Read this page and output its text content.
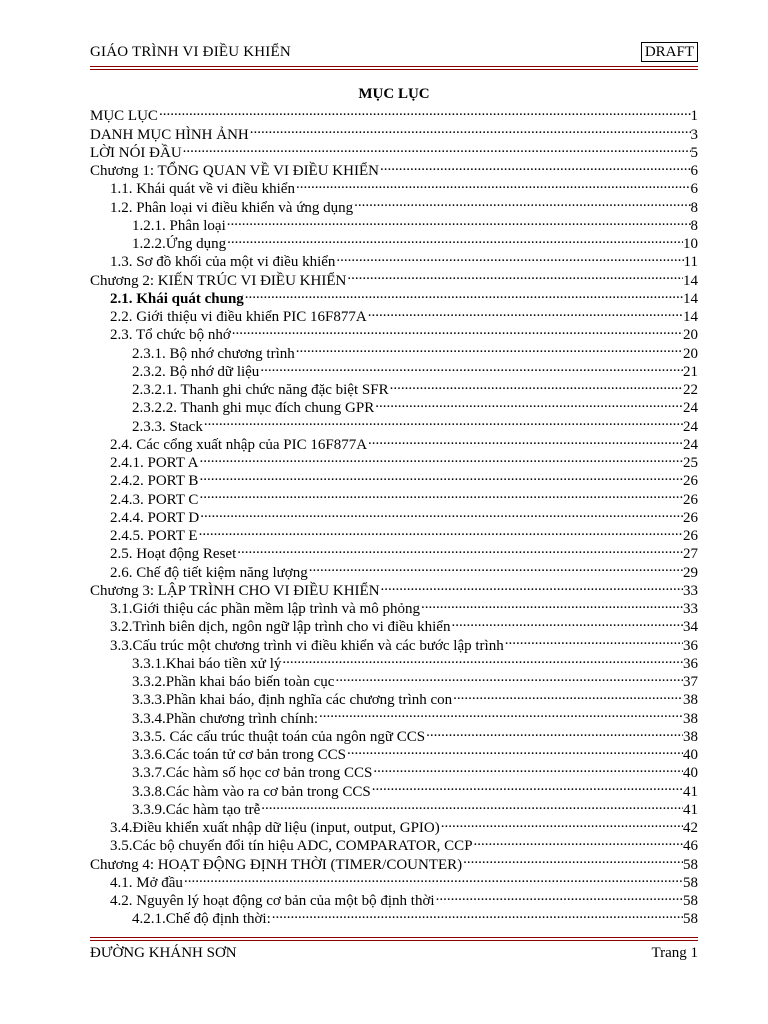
GIÁO TRÌNH VI ĐIỀU KHIỂN	DRAFT
MỤC LỤC
MỤC LỤC .....	1
DANH MỤC HÌNH ẢNH .....	3
LỜI NÓI ĐẦU .....	5
Chương 1: TỔNG QUAN VỀ VI ĐIỀU KHIỂN .....	6
1.1. Khái quát về vi điều khiển .....	6
1.2. Phân loại vi điều khiển và ứng dụng .....	8
1.2.1. Phân loại .....	8
1.2.2.Ứng dụng .....	10
1.3. Sơ đồ khối của một vi điều khiển .....	11
Chương 2: KIẾN TRÚC VI ĐIỀU KHIỂN .....	14
2.1. Khái quát chung .....	14
2.2. Giới thiệu vi điều khiển PIC 16F877A .....	14
2.3. Tổ chức bộ nhớ .....	20
2.3.1. Bộ nhớ chương trình .....	20
2.3.2. Bộ nhớ dữ liệu .....	21
2.3.2.1. Thanh ghi chức năng đặc biệt SFR .....	22
2.3.2.2. Thanh ghi mục đích chung GPR .....	24
2.3.3. Stack .....	24
2.4. Các cổng xuất nhập của PIC 16F877A .....	24
2.4.1. PORT A .....	25
2.4.2. PORT B .....	26
2.4.3. PORT C .....	26
2.4.4. PORT D .....	26
2.4.5. PORT E .....	26
2.5. Hoạt động Reset .....	27
2.6. Chế độ tiết kiệm năng lượng .....	29
Chương 3: LẬP TRÌNH CHO VI ĐIỀU KHIỂN .....	33
3.1.Giới thiệu các phần mềm lập trình và mô phỏng .....	33
3.2.Trình biên dịch, ngôn ngữ lập trình cho vi điều khiển .....	34
3.3.Cấu trúc một chương trình vi điều khiển và các bước lập trình .....	36
3.3.1.Khai báo tiền xử lý .....	36
3.3.2.Phần khai báo biến toàn cục .....	37
3.3.3.Phần khai báo, định nghĩa các chương trình con .....	38
3.3.4.Phần chương trình chính: .....	38
3.3.5. Các cấu trúc thuật toán của ngôn ngữ CCS .....	38
3.3.6.Các toán tử cơ bản trong CCS .....	40
3.3.7.Các hàm số học cơ bản trong CCS .....	40
3.3.8.Các hàm vào ra cơ bản trong CCS .....	41
3.3.9.Các hàm tạo trễ .....	41
3.4.Điều khiển xuất nhập dữ liệu (input, output, GPIO) .....	42
3.5.Các bộ chuyển đổi tín hiệu ADC, COMPARATOR, CCP .....	46
Chương 4: HOẠT ĐỘNG ĐỊNH THỜI (TIMER/COUNTER) .....	58
4.1. Mở đầu .....	58
4.2. Nguyên lý hoạt động cơ bản của một bộ định thời .....	58
4.2.1.Chế độ định thời: .....	58
ĐƯỜNG KHÁNH SƠN	Trang 1
